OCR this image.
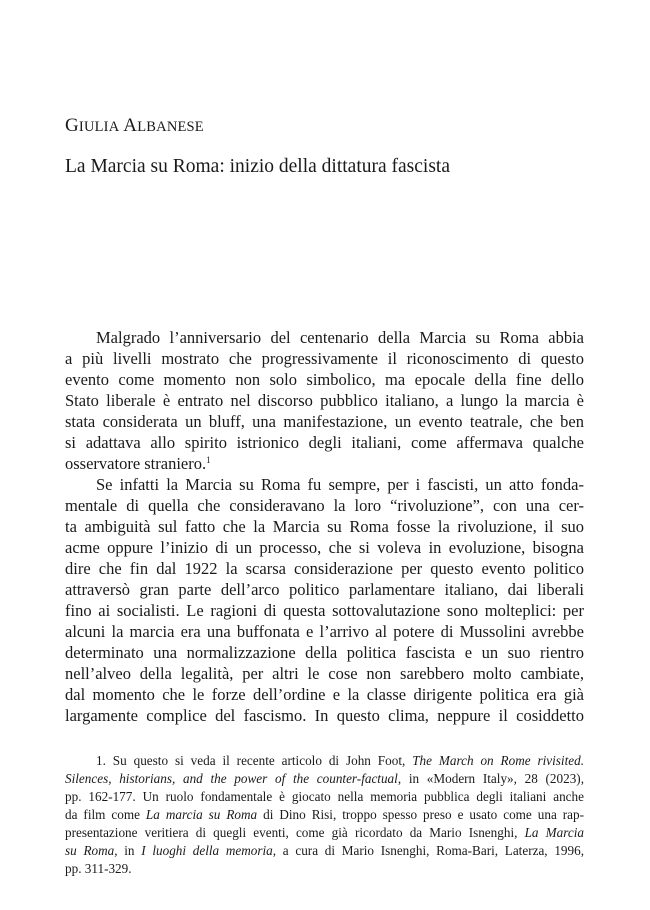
GIULIA ALBANESE
La Marcia su Roma: inizio della dittatura fascista
Malgrado l’anniversario del centenario della Marcia su Roma abbia
a più livelli mostrato che progressivamente il riconoscimento di questo
evento come momento non solo simbolico, ma epocale della fine dello
Stato liberale è entrato nel discorso pubblico italiano, a lungo la marcia è
stata considerata un bluff, una manifestazione, un evento teatrale, che ben
si adattava allo spirito istrionico degli italiani, come affermava qualche
osservatore straniero.$^1$
Se infatti la Marcia su Roma fu sempre, per i fascisti, un atto fonda-
mentale di quella che consideravano la loro “rivoluzione”, con una cer-
ta ambiguità sul fatto che la Marcia su Roma fosse la rivoluzione, il suo
acme oppure l’inizio di un processo, che si voleva in evoluzione, bisogna
dire che fin dal 1922 la scarsa considerazione per questo evento politico
attraversò gran parte dell’arco politico parlamentare italiano, dai liberali
fino ai socialisti. Le ragioni di questa sottovalutazione sono molteplici: per
alcuni la marcia era una buffonata e l’arrivo al potere di Mussolini avrebbe
determinato una normalizzazione della politica fascista e un suo rientro
nell’alveo della legalità, per altri le cose non sarebbero molto cambiate,
dal momento che le forze dell’ordine e la classe dirigente politica era già
largamente complice del fascismo. In questo clima, neppure il cosiddetto
1. Su questo si veda il recente articolo di John Foot, The March on Rome rivisited.
Silences, historians, and the power of the counter-factual, in «Modern Italy», 28 (2023),
pp. 162-177. Un ruolo fondamentale è giocato nella memoria pubblica degli italiani anche
da film come La marcia su Roma di Dino Risi, troppo spesso preso e usato come una rap-
presentazione veritiera di quegli eventi, come già ricordato da Mario Isnenghi, La Marcia
su Roma, in I luoghi della memoria, a cura di Mario Isnenghi, Roma-Bari, Laterza, 1996,
pp. 311-329.
